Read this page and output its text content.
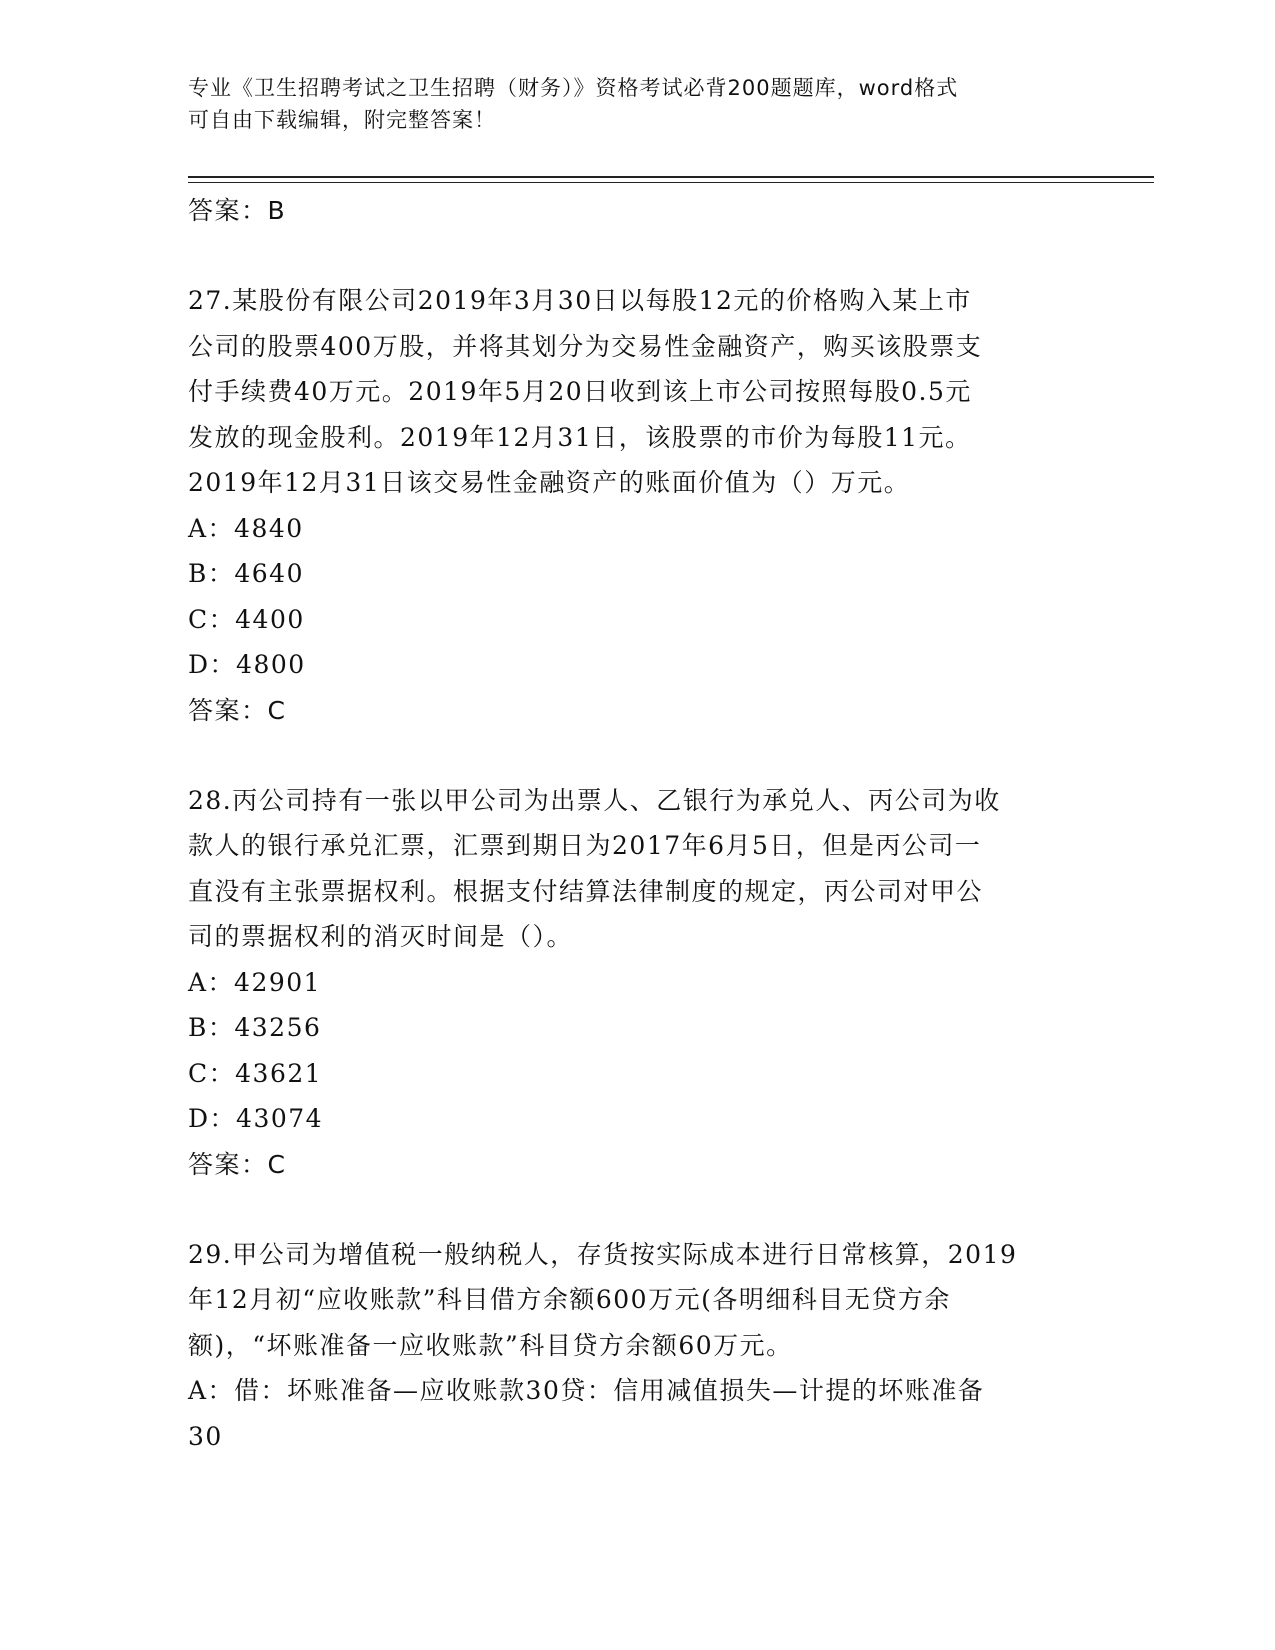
专业《卫生招聘考试之卫生招聘（财务）》资格考试必背200题题库，word格式
可自由下载编辑，附完整答案！
答案：B
27.某股份有限公司2019年3月30日以每股12元的价格购入某上市
公司的股票400万股，并将其划分为交易性金融资产，购买该股票支
付手续费40万元。2019年5月20日收到该上市公司按照每股0.5元
发放的现金股利。2019年12月31日，该股票的市价为每股11元。
2019年12月31日该交易性金融资产的账面价值为（）万元。
A：4840
B：4640
C：4400
D：4800
答案：C
28.丙公司持有一张以甲公司为出票人、乙银行为承兑人、丙公司为收
款人的银行承兑汇票，汇票到期日为2017年6月5日，但是丙公司一
直没有主张票据权利。根据支付结算法律制度的规定，丙公司对甲公
司的票据权利的消灭时间是（）。
A：42901
B：43256
C：43621
D：43074
答案：C
29.甲公司为增值税一般纳税人，存货按实际成本进行日常核算，2019
年12月初“应收账款”科目借方余额600万元(各明细科目无贷方余
额)，“坏账准备一应收账款”科目贷方余额60万元。
A：借：坏账准备—应收账款30贷：信用减值损失—计提的坏账准备
30
